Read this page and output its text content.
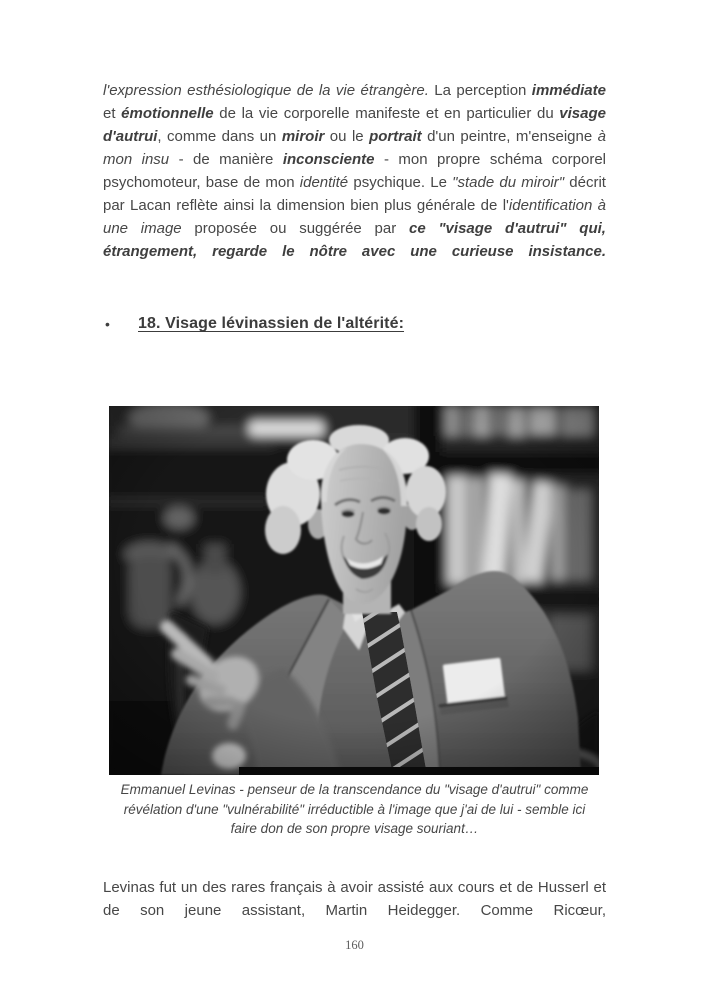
l'expression esthésiologique de la vie étrangère. La perception immédiate et émotionnelle de la vie corporelle manifeste et en particulier du visage d'autrui, comme dans un miroir ou le portrait d'un peintre, m'enseigne à mon insu - de manière inconsciente - mon propre schéma corporel psychomoteur, base de mon identité psychique. Le "stade du miroir" décrit par Lacan reflète ainsi la dimension bien plus générale de l'identification à une image proposée ou suggérée par ce "visage d'autrui" qui, étrangement, regarde le nôtre avec une curieuse insistance.
•	18. Visage lévinassien de l'altérité:
Emmanuel Levinas - penseur de la transcendance du "visage d'autrui" comme
révélation d'une "vulnérabilité" irréductible à l'image que j'ai de lui - semble ici
faire don de son propre visage souriant…
Levinas fut un des rares français à avoir assisté aux cours et de Husserl et de son jeune assistant, Martin Heidegger. Comme Ricœur,
160
